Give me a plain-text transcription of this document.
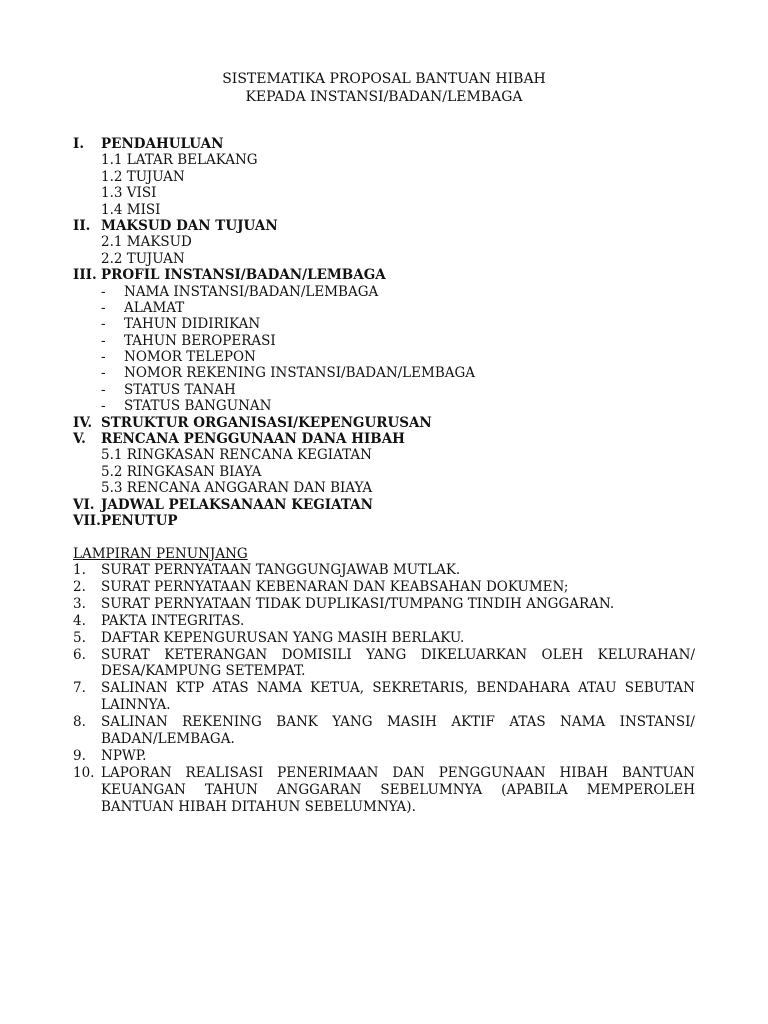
SISTEMATIKA PROPOSAL BANTUAN HIBAH
KEPADA INSTANSI/BADAN/LEMBAGA
I. PENDAHULUAN
1.1 LATAR BELAKANG
1.2 TUJUAN
1.3 VISI
1.4 MISI
II. MAKSUD DAN TUJUAN
2.1 MAKSUD
2.2 TUJUAN
III. PROFIL INSTANSI/BADAN/LEMBAGA
- NAMA INSTANSI/BADAN/LEMBAGA
- ALAMAT
- TAHUN DIDIRIKAN
- TAHUN BEROPERASI
- NOMOR TELEPON
- NOMOR REKENING INSTANSI/BADAN/LEMBAGA
- STATUS TANAH
- STATUS BANGUNAN
IV. STRUKTUR ORGANISASI/KEPENGURUSAN
V. RENCANA PENGGUNAAN DANA HIBAH
5.1 RINGKASAN RENCANA KEGIATAN
5.2 RINGKASAN BIAYA
5.3 RENCANA ANGGARAN DAN BIAYA
VI. JADWAL PELAKSANAAN KEGIATAN
VII. PENUTUP
LAMPIRAN PENUNJANG
1. SURAT PERNYATAAN TANGGUNGJAWAB MUTLAK.
2. SURAT PERNYATAAN KEBENARAN DAN KEABSAHAN DOKUMEN;
3. SURAT PERNYATAAN TIDAK DUPLIKASI/TUMPANG TINDIH ANGGARAN.
4. PAKTA INTEGRITAS.
5. DAFTAR KEPENGURUSAN YANG MASIH BERLAKU.
6. SURAT KETERANGAN DOMISILI YANG DIKELUARKAN OLEH KELURAHAN/ DESA/KAMPUNG SETEMPAT.
7. SALINAN KTP ATAS NAMA KETUA, SEKRETARIS, BENDAHARA ATAU SEBUTAN LAINNYA.
8. SALINAN REKENING BANK YANG MASIH AKTIF ATAS NAMA INSTANSI/ BADAN/LEMBAGA.
9. NPWP.
10. LAPORAN REALISASI PENERIMAAN DAN PENGGUNAAN HIBAH BANTUAN KEUANGAN TAHUN ANGGARAN SEBELUMNYA (APABILA MEMPEROLEH BANTUAN HIBAH DITAHUN SEBELUMNYA).
